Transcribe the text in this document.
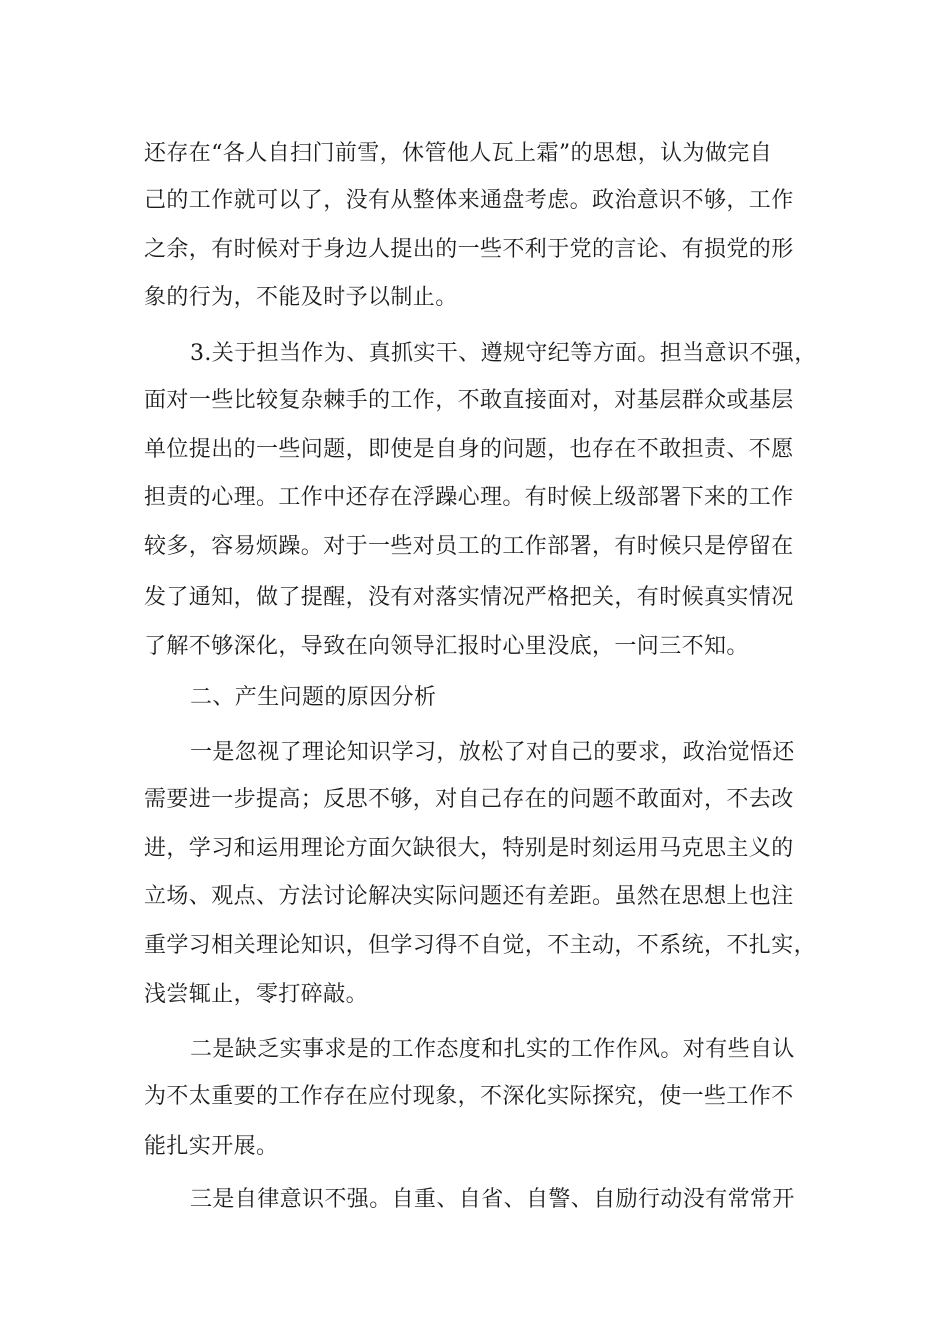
还存在“各人自扫门前雪，休管他人瓦上霜”的思想，认为做完自
己的工作就可以了，没有从整体来通盘考虑。政治意识不够，工作
之余，有时候对于身边人提出的一些不利于党的言论、有损党的形
象的行为，不能及时予以制止。
3.关于担当作为、真抓实干、遵规守纪等方面。担当意识不强，
面对一些比较复杂棘手的工作，不敢直接面对，对基层群众或基层
单位提出的一些问题，即使是自身的问题，也存在不敢担责、不愿
担责的心理。工作中还存在浮躁心理。有时候上级部署下来的工作
较多，容易烦躁。对于一些对员工的工作部署，有时候只是停留在
发了通知，做了提醒，没有对落实情况严格把关，有时候真实情况
了解不够深化，导致在向领导汇报时心里没底，一问三不知。
二、产生问题的原因分析
一是忽视了理论知识学习，放松了对自己的要求，政治觉悟还
需要进一步提高；反思不够，对自己存在的问题不敢面对，不去改
进，学习和运用理论方面欠缺很大，特别是时刻运用马克思主义的
立场、观点、方法讨论解决实际问题还有差距。虽然在思想上也注
重学习相关理论知识，但学习得不自觉，不主动，不系统，不扎实，
浅尝辄止，零打碎敲。
二是缺乏实事求是的工作态度和扎实的工作作风。对有些自认
为不太重要的工作存在应付现象，不深化实际探究，使一些工作不
能扎实开展。
三是自律意识不强。自重、自省、自警、自励行动没有常常开
